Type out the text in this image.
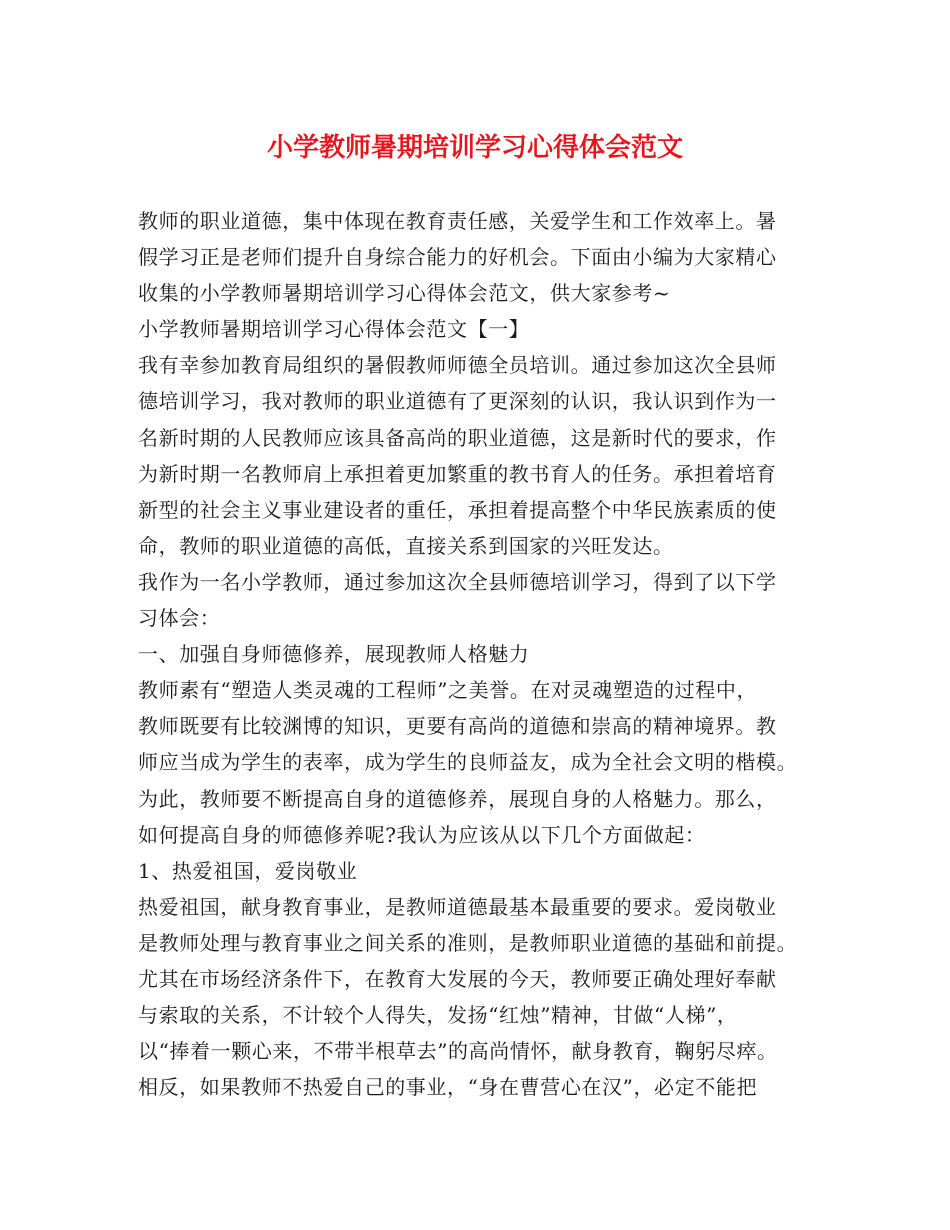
小学教师暑期培训学习心得体会范文
教师的职业道德，集中体现在教育责任感，关爱学生和工作效率上。暑
假学习正是老师们提升自身综合能力的好机会。下面由小编为大家精心
收集的小学教师暑期培训学习心得体会范文，供大家参考~
小学教师暑期培训学习心得体会范文【一】
我有幸参加教育局组织的暑假教师师德全员培训。通过参加这次全县师
德培训学习，我对教师的职业道德有了更深刻的认识，我认识到作为一
名新时期的人民教师应该具备高尚的职业道德，这是新时代的要求，作
为新时期一名教师肩上承担着更加繁重的教书育人的任务。承担着培育
新型的社会主义事业建设者的重任，承担着提高整个中华民族素质的使
命，教师的职业道德的高低，直接关系到国家的兴旺发达。
我作为一名小学教师，通过参加这次全县师德培训学习，得到了以下学
习体会：
一、加强自身师德修养，展现教师人格魅力
教师素有“塑造人类灵魂的工程师”之美誉。在对灵魂塑造的过程中，
教师既要有比较渊博的知识，更要有高尚的道德和崇高的精神境界。教
师应当成为学生的表率，成为学生的良师益友，成为全社会文明的楷模。
为此，教师要不断提高自身的道德修养，展现自身的人格魅力。那么，
如何提高自身的师德修养呢?我认为应该从以下几个方面做起：
1、热爱祖国，爱岗敬业
热爱祖国，献身教育事业，是教师道德最基本最重要的要求。爱岗敬业
是教师处理与教育事业之间关系的准则，是教师职业道德的基础和前提。
尤其在市场经济条件下，在教育大发展的今天，教师要正确处理好奉献
与索取的关系，不计较个人得失，发扬“红烛”精神，甘做“人梯”，
以“捧着一颗心来，不带半根草去”的高尚情怀，献身教育，鞠躬尽瘁。
相反，如果教师不热爱自己的事业，“身在曹营心在汉”，必定不能把
